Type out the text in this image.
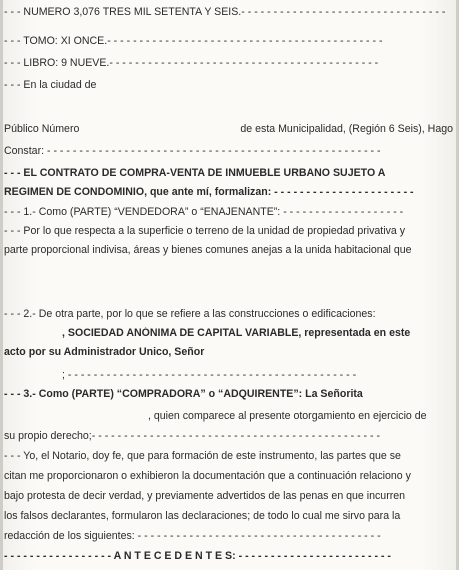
- - - NUMERO 3,076 TRES MIL SETENTA Y SEIS.- - - - - - - - - - - - - - - - - - - - - - - - - - - - - - - -
- - - TOMO: XI ONCE.- - - - - - - - - - - - - - - - - - - - - - - - - - - - - - - - - - - - - - - - - - -
- - - LIBRO: 9 NUEVE.- - - - - - - - - - - - - - - - - - - - - - - - - - - - - - - - - - - - - - - - - -
- - - En la ciudad de
Público Número	de esta Municipalidad, (Región 6 Seis), Hago
Constar: - - - - - - - - - - - - - - - - - - - - - - - - - - - - - - - - - - - - - - - - - - - - - - - - - - - -
- - - EL CONTRATO DE COMPRA-VENTA DE INMUEBLE URBANO SUJETO A
REGIMEN DE CONDOMINIO, que ante mí, formalizan: - - - - - - - - - - - - - - - - - - - - - -
- - - 1.- Como (PARTE) “VENDEDORA” o “ENAJENANTE”: - - - - - - - - - - - - - - - - - - -
- - - Por lo que respecta a la superficie o terreno de la unidad de propiedad privativa y
parte proporcional indivisa, áreas y bienes comunes anejas a la unida habitacional que
- - - 2.- De otra parte, por lo que se refiere a las construcciones o edificaciones:
, SOCIEDAD ANÓNIMA DE CAPITAL VARIABLE, representada en este
acto por su Administrador Unico, Señor
; - - - - - - - - - - - - - - - - - - - - - - - - - - - - - - - - - - - - - - - - - - - - -
- - - 3.- Como (PARTE) “COMPRADORA” o “ADQUIRENTE”: La Señorita
, quien comparece al presente otorgamiento en ejercicio de
su propio derecho;- - - - - - - - - - - - - - - - - - - - - - - - - - - - - - - - - - - - - - - - - - - - -
- - - Yo, el Notario, doy fe, que para formación de este instrumento, las partes que se
citan me proporcionaron o exhibieron la documentación que a continuación relaciono y
bajo protesta de decir verdad, y previamente advertidos de las penas en que incurren
los falsos declarantes, formularon las declaraciones; de todo lo cual me sirvo para la
redacción de los siguientes: - - - - - - - - - - - - - - - - - - - - - - - - - - - - - - - - - - - - - -
- - - - - - - - - - - - - - - - - A N T E C E D E N T E S: - - - - - - - - - - - - - - - - - - - - - - - -
